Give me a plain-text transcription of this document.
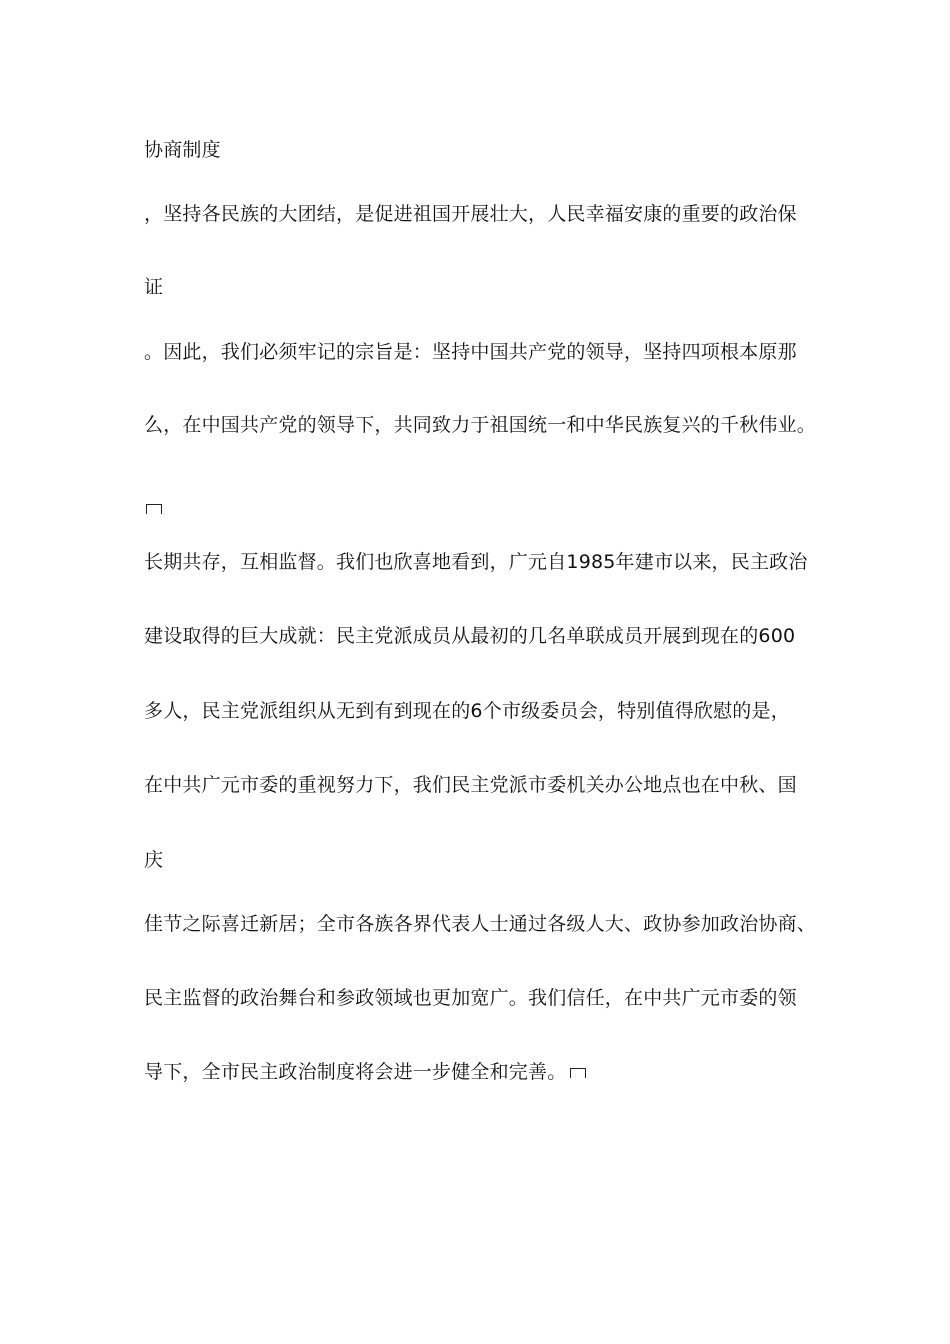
协商制度
，坚持各民族的大团结，是促进祖国开展壮大，人民幸福安康的重要的政治保
证
。因此，我们必须牢记的宗旨是：坚持中国共产党的领导，坚持四项根本原那
么，在中国共产党的领导下，共同致力于祖国统一和中华民族复兴的千秋伟业。
长期共存，互相监督。我们也欣喜地看到，广元自1985年建市以来，民主政治
建设取得的巨大成就：民主党派成员从最初的几名单联成员开展到现在的600
多人，民主党派组织从无到有到现在的6个市级委员会，特别值得欣慰的是，
在中共广元市委的重视努力下，我们民主党派市委机关办公地点也在中秋、国
庆
佳节之际喜迁新居；全市各族各界代表人士通过各级人大、政协参加政治协商、
民主监督的政治舞台和参政领域也更加宽广。我们信任，在中共广元市委的领
导下，全市民主政治制度将会进一步健全和完善。
